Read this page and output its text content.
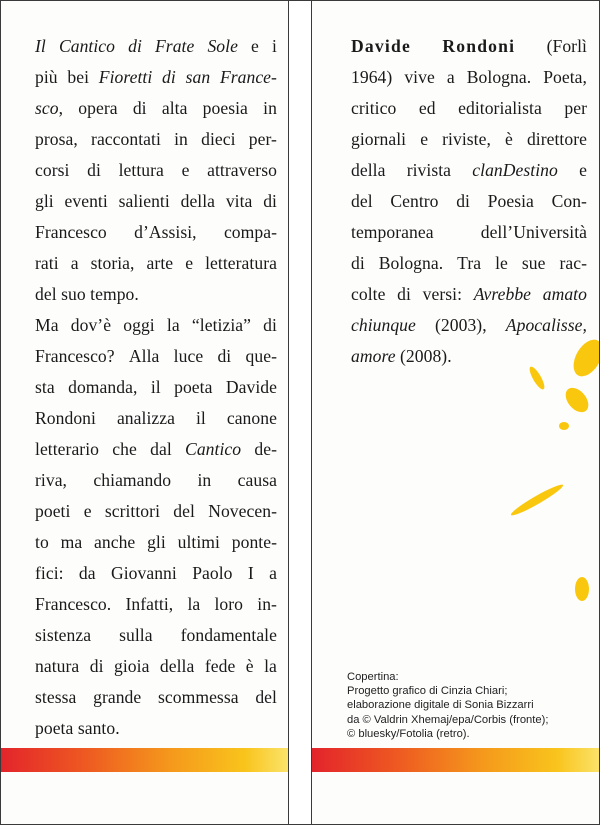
Il Cantico di Frate Sole e i
più bei Fioretti di san France-
sco, opera di alta poesia in
prosa, raccontati in dieci per-
corsi di lettura e attraverso
gli eventi salienti della vita di
Francesco d’Assisi, compa-
rati a storia, arte e letteratura
del suo tempo.
Ma dov’è oggi la “letizia” di
Francesco? Alla luce di que-
sta domanda, il poeta Davide
Rondoni analizza il canone
letterario che dal Cantico de-
riva, chiamando in causa
poeti e scrittori del Novecen-
to ma anche gli ultimi ponte-
fici: da Giovanni Paolo I a
Francesco. Infatti, la loro in-
sistenza sulla fondamentale
natura di gioia della fede è la
stessa grande scommessa del
poeta santo.
Davide Rondoni (Forlì
1964) vive a Bologna. Poeta,
critico ed editorialista per
giornali e riviste, è direttore
della rivista clanDestino e
del Centro di Poesia Con-
temporanea	dell’Università
di Bologna. Tra le sue rac-
colte di versi: Avrebbe amato
chiunque (2003), Apocalisse,
amore (2008).
Copertina:
Progetto grafico di Cinzia Chiari;
elaborazione digitale di Sonia Bizzarri
da © Valdrin Xhemaj/epa/Corbis (fronte);
© bluesky/Fotolia (retro).
